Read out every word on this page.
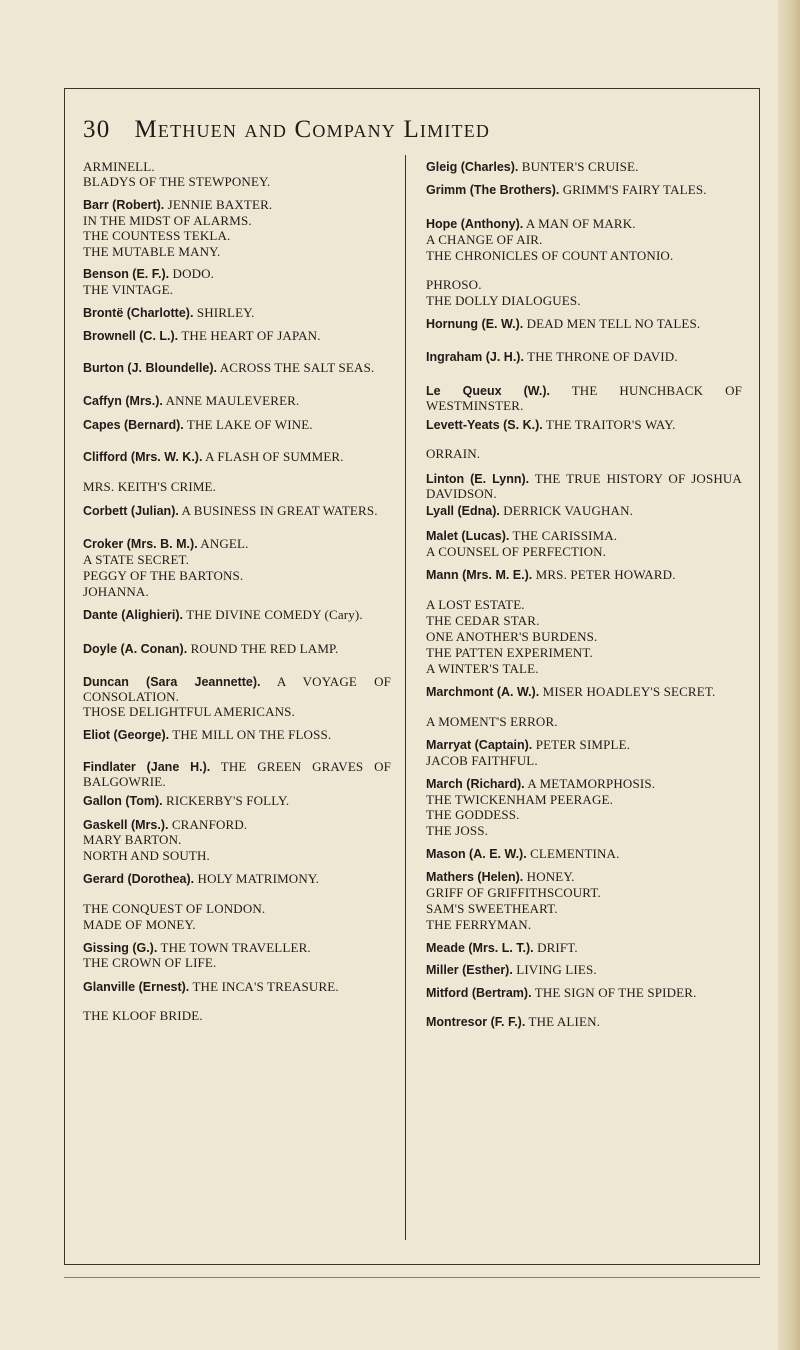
30 Methuen and Company Limited
ARMINELL.
BLADYS OF THE STEWPONEY.
Barr (Robert). JENNIE BAXTER.
IN THE MIDST OF ALARMS.
THE COUNTESS TEKLA.
THE MUTABLE MANY.
Benson (E. F.). DODO.
THE VINTAGE.
Brontë (Charlotte). SHIRLEY.
Brownell (C. L.). THE HEART OF JAPAN.
Burton (J. Bloundelle). ACROSS THE SALT SEAS.
Caffyn (Mrs.). ANNE MAULEVERER.
Capes (Bernard). THE LAKE OF WINE.
Clifford (Mrs. W. K.). A FLASH OF SUMMER.
MRS. KEITH'S CRIME.
Corbett (Julian). A BUSINESS IN GREAT WATERS.
Croker (Mrs. B. M.). ANGEL.
A STATE SECRET.
PEGGY OF THE BARTONS.
JOHANNA.
Dante (Alighieri). THE DIVINE COMEDY (Cary).
Doyle (A. Conan). ROUND THE RED LAMP.
Duncan (Sara Jeannette). A VOYAGE OF CONSOLATION.
THOSE DELIGHTFUL AMERICANS.
Eliot (George). THE MILL ON THE FLOSS.
Findlater (Jane H.). THE GREEN GRAVES OF BALGOWRIE.
Gallon (Tom). RICKERBY'S FOLLY.
Gaskell (Mrs.). CRANFORD.
MARY BARTON.
NORTH AND SOUTH.
Gerard (Dorothea). HOLY MATRIMONY.
THE CONQUEST OF LONDON.
MADE OF MONEY.
Gissing (G.). THE TOWN TRAVELLER.
THE CROWN OF LIFE.
Glanville (Ernest). THE INCA'S TREASURE.
THE KLOOF BRIDE.
Gleig (Charles). BUNTER'S CRUISE.
Grimm (The Brothers). GRIMM'S FAIRY TALES.
Hope (Anthony). A MAN OF MARK.
A CHANGE OF AIR.
THE CHRONICLES OF COUNT ANTONIO.
PHROSO.
THE DOLLY DIALOGUES.
Hornung (E. W.). DEAD MEN TELL NO TALES.
Ingraham (J. H.). THE THRONE OF DAVID.
Le Queux (W.). THE HUNCHBACK OF WESTMINSTER.
Levett-Yeats (S. K.). THE TRAITOR'S WAY.
ORRAIN.
Linton (E. Lynn). THE TRUE HISTORY OF JOSHUA DAVIDSON.
Lyall (Edna). DERRICK VAUGHAN.
Malet (Lucas). THE CARISSIMA.
A COUNSEL OF PERFECTION.
Mann (Mrs. M. E.). MRS. PETER HOWARD.
A LOST ESTATE.
THE CEDAR STAR.
ONE ANOTHER'S BURDENS.
THE PATTEN EXPERIMENT.
A WINTER'S TALE.
Marchmont (A. W.). MISER HOADLEY'S SECRET.
A MOMENT'S ERROR.
Marryat (Captain). PETER SIMPLE.
JACOB FAITHFUL.
March (Richard). A METAMORPHOSIS.
THE TWICKENHAM PEERAGE.
THE GODDESS.
THE JOSS.
Mason (A. E. W.). CLEMENTINA.
Mathers (Helen). HONEY.
GRIFF OF GRIFFITHSCOURT.
SAM'S SWEETHEART.
THE FERRYMAN.
Meade (Mrs. L. T.). DRIFT.
Miller (Esther). LIVING LIES.
Mitford (Bertram). THE SIGN OF THE SPIDER.
Montresor (F. F.). THE ALIEN.
